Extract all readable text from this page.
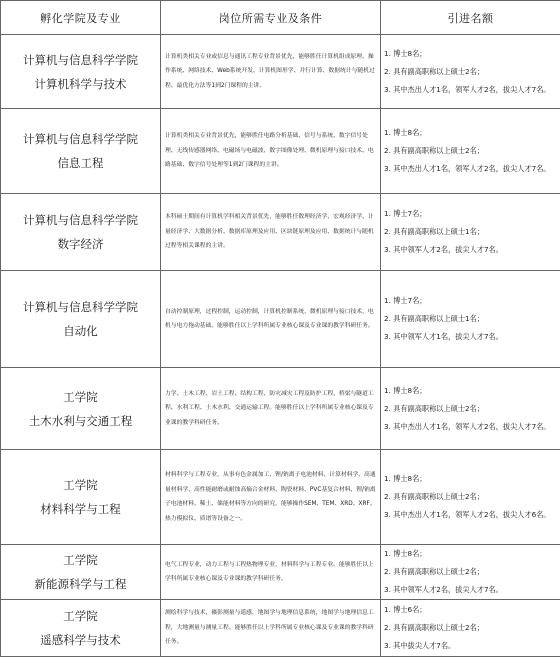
孵化学院及专业	岗位所需专业及条件	引进名额

计算机与信息科学学院
计算机科学与技术	计算机类相关专业或信息与通讯工程专业背景优先，能够胜任计算机组成原理、操作系统、网络技术、Web系统开发、计算机图形学、并行计算、数据统计与随机过程、最优化方法等1到2门课程的主讲。	1. 博士8名；
2. 具有副高职称以上硕士2名；
3. 其中杰出人才1名，领军人才2名，拔尖人才7名。

计算机与信息科学学院
信息工程	计算机类相关专业背景优先，能够胜任电路分析基础、信号与系统、数字信号处理、无线传感器网络、电磁场与电磁波、数字图像处理、微机原理与接口技术、电路基础、数字信号处理等1到2门课程的主讲。	1. 博士8名；
2. 具有副高职称以上硕士2名；
3. 其中杰出人才1名，领军人才2名，拔尖人才7名。

计算机与信息科学学院
数字经济	本科硕士期间有计算机学科相关背景优先，能够胜任数理经济学、宏观经济学、计量经济学、大数据分析、数据库原理及应用、区块链原理及应用、数据统计与随机过程等相关课程的主讲。	1. 博士7名；
2. 具有副高职称以上硕士1名；
3. 其中领军人才2名，拔尖人才7名。

计算机与信息科学学院
自动化	自动控制原理，过程控制，运动控制，计算机控制系统，微机原理与接口技术，电机与电力拖动基础。能够胜任以上学科所属专业核心课及专业课的教学科研任务。	1. 博士7名；
2. 具有副高职称以上硕士1名；
3. 其中领军人才1名，拔尖人才7名。

工学院
土木水利与交通工程	力学、土木工程、岩土工程、结构工程、防灾减灾工程及防护工程、桥梁与隧道工程、水利工程、土木水利、交通运输工程。能够胜任以上学科所属专业核心课及专业课的教学科研任务。	1. 博士8名；
2. 具有副高职称以上硕士2名；
3. 其中杰出人才1名，领军人才2名，拔尖人才7名。

工学院
材料科学与工程	材料科学与工程专业，从事有色金属加工、锂/钠离子电池材料、计算材料学、高通量材料学、高性能耐磨或耐蚀高熵合金材料、陶瓷材料、PVC基复合材料、锂/钠离子电池材料、稀土、储能材料等方向的研究，能够操作SEM、TEM、XRD、XRF、热力模拟仪、质谱等设备之一。	1. 博士8名；
2. 具有副高职称以上硕士2名；
3. 其中杰出人才1名，领军人才2名，拔尖人才6名。

工学院
新能源科学与工程	电气工程专业，动力工程与工程热物理专业，材料科学与工程专业。能够胜任以上学科所属专业核心课及专业课的教学科研任务。	1. 博士8名；
2. 具有副高职称以上硕士2名；
3. 其中领军人才2名，拔尖人才7名。

工学院
遥感科学与技术	测绘科学与技术，摄影测量与遥感，地图学与地理信息系统，地图学与地理信息工程，大地测量与测量工程。能够胜任以上学科所属专业核心课及专业课的教学科研任务。	1. 博士6名；
2. 具有副高职称以上硕士2名；
3. 其中拔尖人才7名。
